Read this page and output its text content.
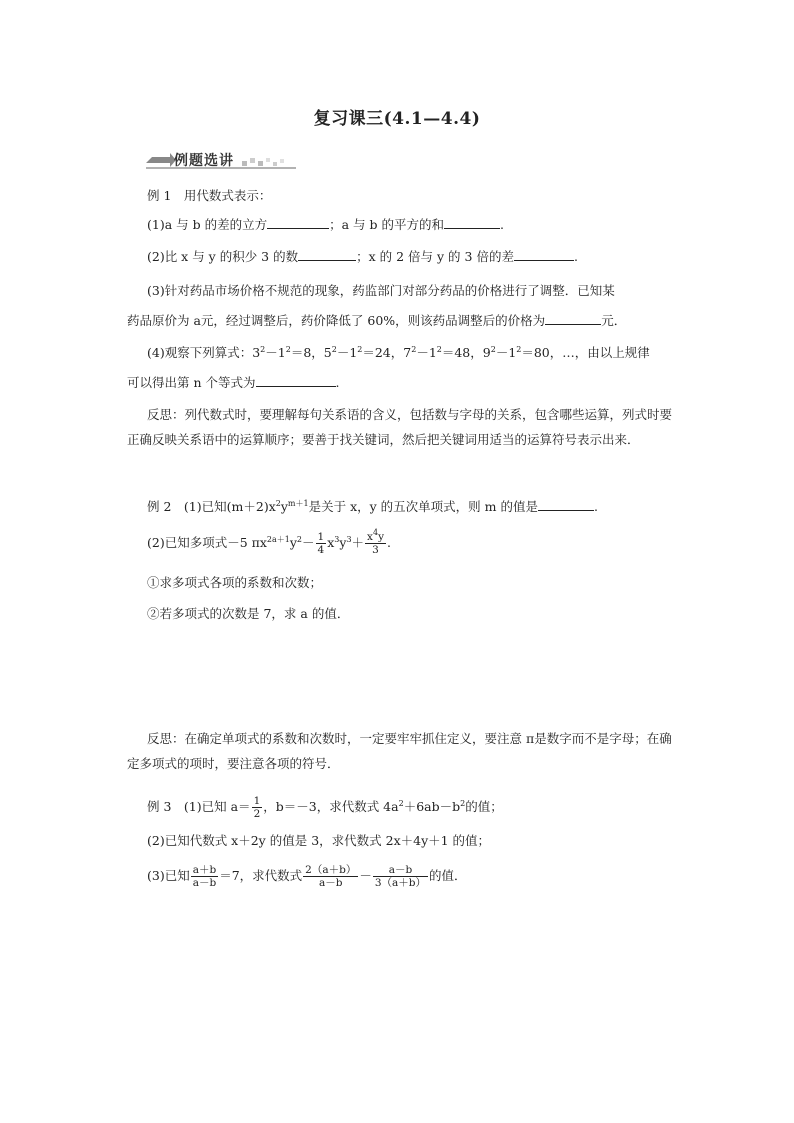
复习课三(4.1—4.4)
例题选讲
例 1　用代数式表示：
(1)a 与 b 的差的立方	；a 与 b 的平方的和	.
(2)比 x 与 y 的积少 3 的数	；x 的 2 倍与 y 的 3 倍的差	.
(3)针对药品市场价格不规范的现象，药监部门对部分药品的价格进行了调整．已知某
药品原价为 a元，经过调整后，药价降低了 60%，则该药品调整后的价格为	元．
(4)观察下列算式：$3^2-1^2=8$，$5^2-1^2=24$，$7^2-1^2=48$，$9^2-1^2=80$，…，由以上规律
可以得出第 n 个等式为	.
反思：列代数式时，要理解每句关系语的含义，包括数与字母的关系，包含哪些运算，列式时要正确反映关系语中的运算顺序；要善于找关键词，然后把关键词用适当的运算符号表示出来．
例 2　(1)已知$(m+2)x^2y^{m+1}$是关于 x，y 的五次单项式，则 m 的值是	.
(2)已知多项式－5 $\pi x^{2a+1}y^2- \frac{1}{4} x^3y^3+ \frac{x^4y}{3}$ .
①求多项式各项的系数和次数；
②若多项式的次数是 7，求 a 的值．
反思：在确定单项式的系数和次数时，一定要牢牢抓住定义，要注意 π是数字而不是字母；在确定多项式的项时，要注意各项的符号．
例 3　(1)已知 $a= \frac{1}{2}$ ，b＝－3，求代数式 $4a^2+6ab-b^2$的值；
(2)已知代数式 x＋2y 的值是 3，求代数式 2x＋4y＋1 的值；
(3)已知 $\frac{a+b}{a-b} =7$，求代数式 $\frac{2(a+b)}{a-b} - \frac{a-b}{3(a+b)}$ 的值．
